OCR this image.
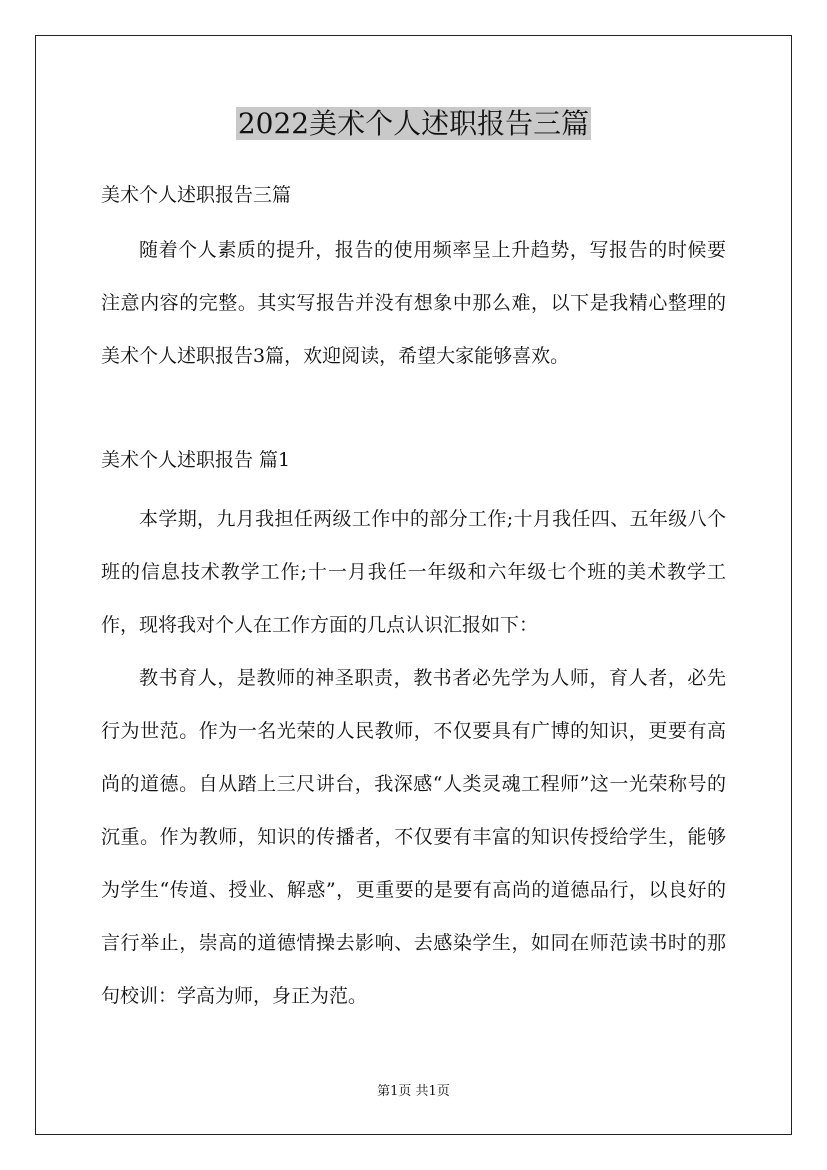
2022美术个人述职报告三篇

美术个人述职报告三篇

随着个人素质的提升，报告的使用频率呈上升趋势，写报告的时候要注意内容的完整。其实写报告并没有想象中那么难，以下是我精心整理的美术个人述职报告3篇，欢迎阅读，希望大家能够喜欢。

美术个人述职报告 篇1

本学期，九月我担任两级工作中的部分工作;十月我任四、五年级八个班的信息技术教学工作;十一月我任一年级和六年级七个班的美术教学工作，现将我对个人在工作方面的几点认识汇报如下：

教书育人，是教师的神圣职责，教书者必先学为人师，育人者，必先行为世范。作为一名光荣的人民教师，不仅要具有广博的知识，更要有高尚的道德。自从踏上三尺讲台，我深感“人类灵魂工程师”这一光荣称号的沉重。作为教师，知识的传播者，不仅要有丰富的知识传授给学生，能够为学生“传道、授业、解惑”，更重要的是要有高尚的道德品行，以良好的言行举止，崇高的道德情操去影响、去感染学生，如同在师范读书时的那句校训：学高为师，身正为范。

第1页 共1页
